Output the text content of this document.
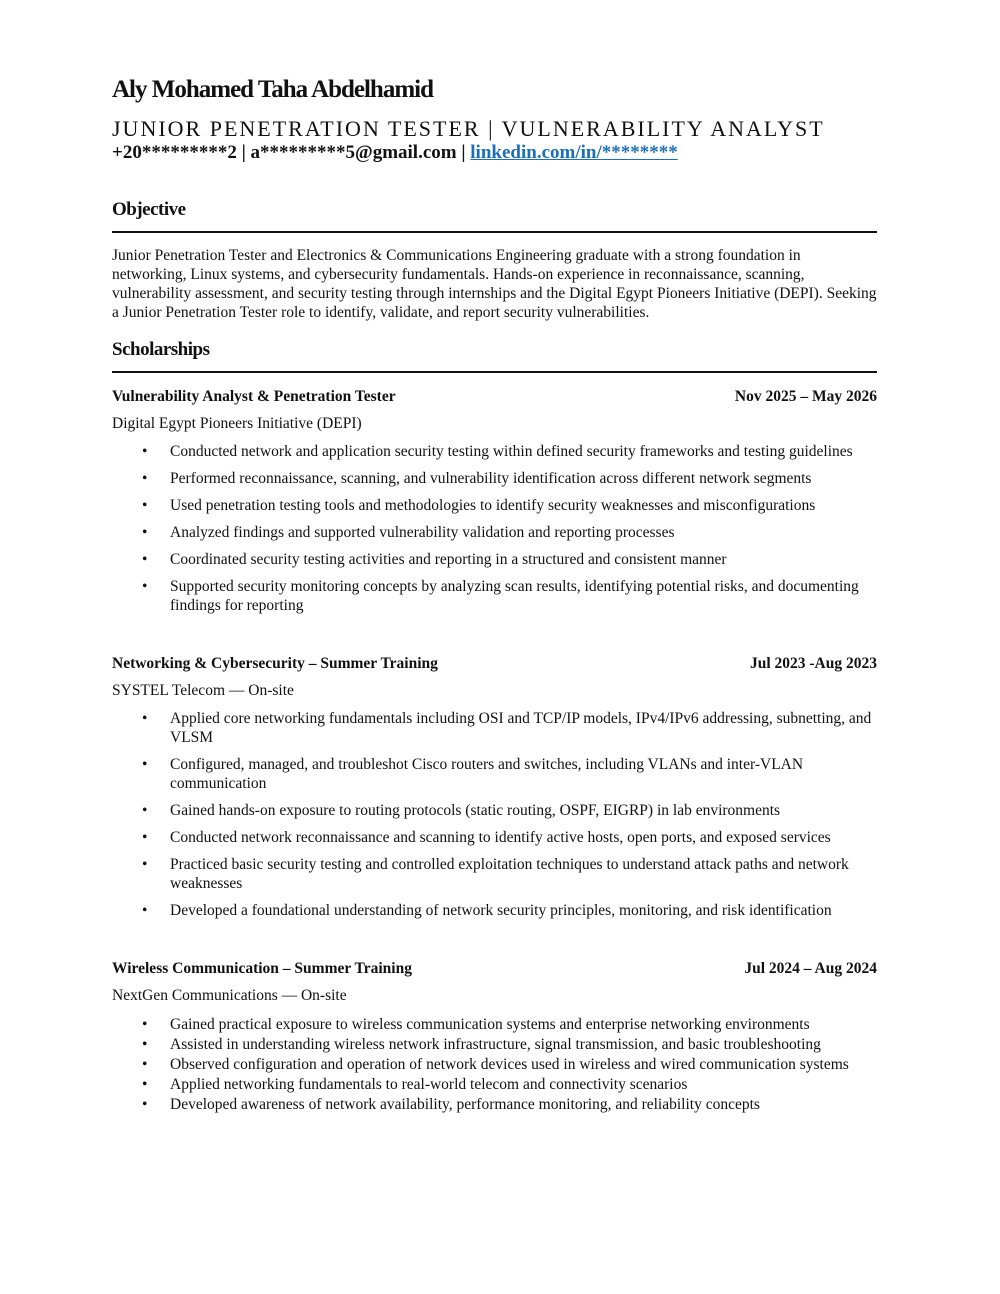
Aly Mohamed Taha Abdelhamid
JUNIOR PENETRATION TESTER | VULNERABILITY ANALYST
+20*********2 | a*********5@gmail.com | linkedin.com/in/********
Objective
Junior Penetration Tester and Electronics & Communications Engineering graduate with a strong foundation in networking, Linux systems, and cybersecurity fundamentals. Hands-on experience in reconnaissance, scanning, vulnerability assessment, and security testing through internships and the Digital Egypt Pioneers Initiative (DEPI). Seeking a Junior Penetration Tester role to identify, validate, and report security vulnerabilities.
Scholarships
Vulnerability Analyst & Penetration Tester	Nov 2025 – May 2026
Digital Egypt Pioneers Initiative (DEPI)
• Conducted network and application security testing within defined security frameworks and testing guidelines
• Performed reconnaissance, scanning, and vulnerability identification across different network segments
• Used penetration testing tools and methodologies to identify security weaknesses and misconfigurations
• Analyzed findings and supported vulnerability validation and reporting processes
• Coordinated security testing activities and reporting in a structured and consistent manner
• Supported security monitoring concepts by analyzing scan results, identifying potential risks, and documenting findings for reporting
Networking & Cybersecurity – Summer Training	Jul 2023 -Aug 2023
SYSTEL Telecom — On-site
• Applied core networking fundamentals including OSI and TCP/IP models, IPv4/IPv6 addressing, subnetting, and VLSM
• Configured, managed, and troubleshot Cisco routers and switches, including VLANs and inter-VLAN communication
• Gained hands-on exposure to routing protocols (static routing, OSPF, EIGRP) in lab environments
• Conducted network reconnaissance and scanning to identify active hosts, open ports, and exposed services
• Practiced basic security testing and controlled exploitation techniques to understand attack paths and network weaknesses
• Developed a foundational understanding of network security principles, monitoring, and risk identification
Wireless Communication – Summer Training	Jul 2024 – Aug 2024
NextGen Communications — On-site
• Gained practical exposure to wireless communication systems and enterprise networking environments
• Assisted in understanding wireless network infrastructure, signal transmission, and basic troubleshooting
• Observed configuration and operation of network devices used in wireless and wired communication systems
• Applied networking fundamentals to real-world telecom and connectivity scenarios
• Developed awareness of network availability, performance monitoring, and reliability concepts
